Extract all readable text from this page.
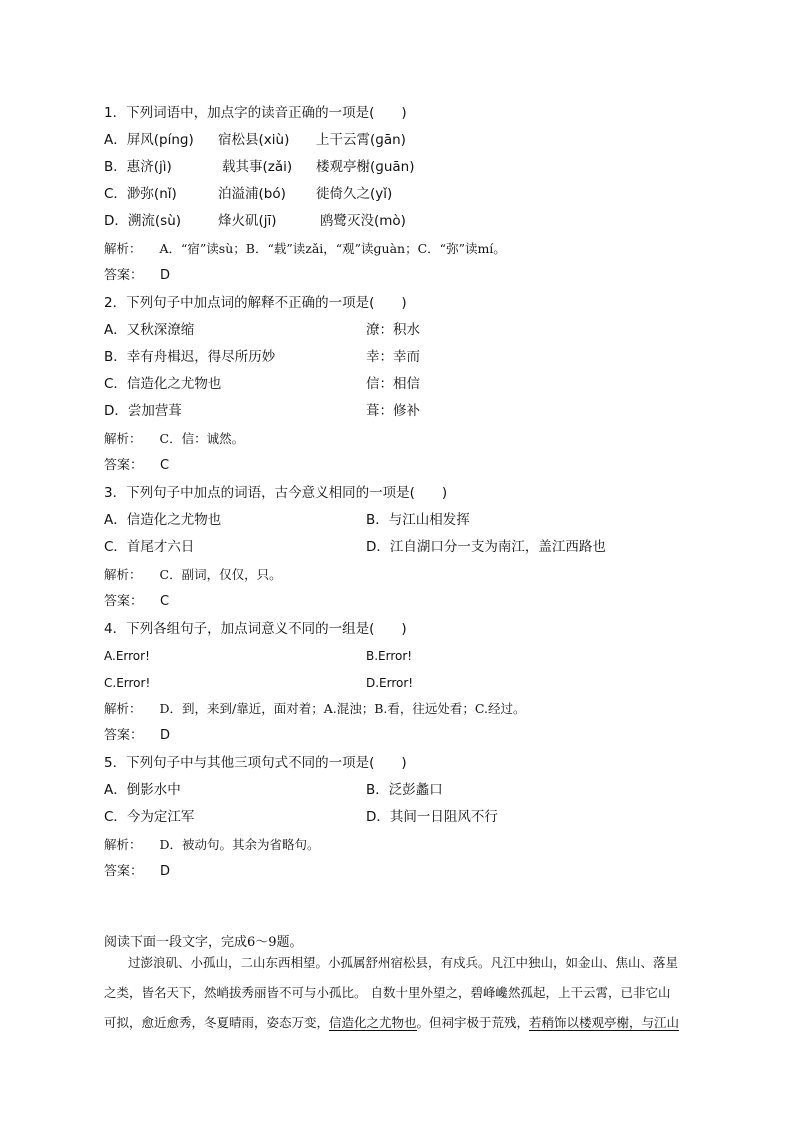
1．下列词语中，加点字的读音正确的一项是(　　)
A．屏风(pínɡ) 宿松县(xiù) 上干云霄(ɡān)
B．惠济(jì)	载其事(zǎi) 楼观亭榭(ɡuān)
C．渺弥(nǐ)	泊溢浦(bó) 徙倚久之(yǐ)
D．溯流(sù)	烽火矶(jī)	鸥鹭灭没(mò)
解析： A．“宿”读sù；B．“载”读zǎi，“观”读ɡuàn；C．“弥”读mí。
答案： D
2．下列句子中加点词的解释不正确的一项是(　　)
A．又秋深潦缩	潦：积水
B．幸有舟楫迟，得尽所历妙	幸：幸而
C．信造化之尤物也	信：相信
D．尝加营葺	葺：修补
解析： C．信：诚然。
答案： C
3．下列句子中加点的词语，古今意义相同的一项是(　　)
A．信造化之尤物也	B．与江山相发挥
C．首尾才六日	D．江自湖口分一支为南江，盖江西路也
解析： C．副词，仅仅，只。
答案： C
4．下列各组句子，加点词意义不同的一组是(　　)
A.Error!	B.Error!
C.Error!	D.Error!
解析： D．到，来到/靠近，面对着；A.混浊；B.看，往远处看；C.经过。
答案： D
5．下列句子中与其他三项句式不同的一项是(　　)
A．倒影水中	B．泛彭蠡口
C．今为定江军	D．其间一日阻风不行
解析： D．被动句。其余为省略句。
答案： D
阅读下面一段文字，完成6～9题。

过澎浪矶、小孤山，二山东西相望。小孤属舒州宿松县，有戍兵。凡江中独山，如金山、焦山、落星

之类，皆名天下，然峭拔秀丽皆不可与小孤比。 自数十里外望之，碧峰巉然孤起，上干云霄，已非它山

可拟，愈近愈秀，冬夏晴雨，姿态万变，信造化之尤物也。但祠宇极于荒残，若稍饰以楼观亭榭，与江山
